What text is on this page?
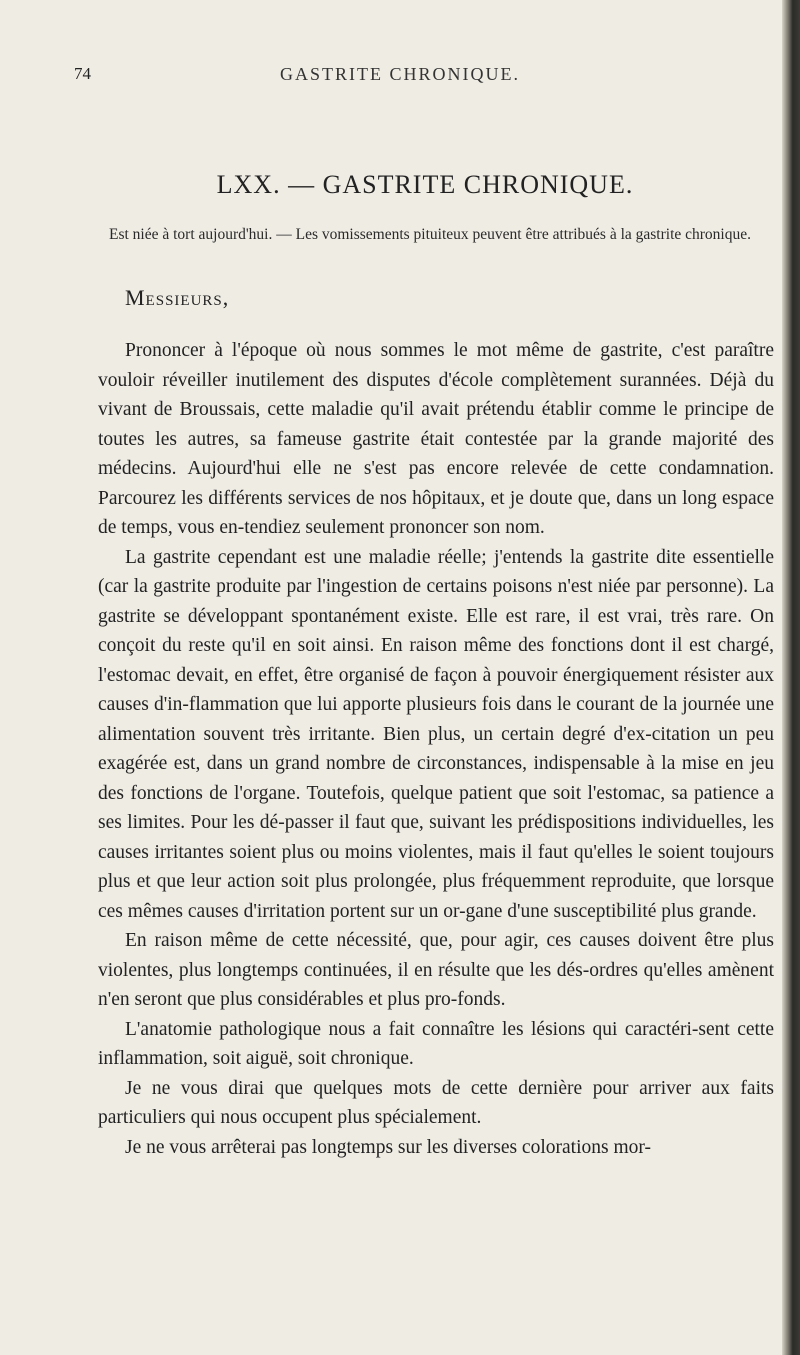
74	GASTRITE CHRONIQUE.
LXX. — GASTRITE CHRONIQUE.
Est niée à tort aujourd'hui. — Les vomissements pituiteux peuvent être attribués à la gastrite chronique.
Messieurs,

Prononcer à l'époque où nous sommes le mot même de gastrite, c'est paraître vouloir réveiller inutilement des disputes d'école complètement surannées. Déjà du vivant de Broussais, cette maladie qu'il avait prétendu établir comme le principe de toutes les autres, sa fameuse gastrite était contestée par la grande majorité des médecins. Aujourd'hui elle ne s'est pas encore relevée de cette condamnation. Parcourez les différents services de nos hôpitaux, et je doute que, dans un long espace de temps, vous en-tendiez seulement prononcer son nom.

La gastrite cependant est une maladie réelle; j'entends la gastrite dite essentielle (car la gastrite produite par l'ingestion de certains poisons n'est niée par personne). La gastrite se développant spontanément existe. Elle est rare, il est vrai, très rare. On conçoit du reste qu'il en soit ainsi. En raison même des fonctions dont il est chargé, l'estomac devait, en effet, être organisé de façon à pouvoir énergiquement résister aux causes d'in-flammation que lui apporte plusieurs fois dans le courant de la journée une alimentation souvent très irritante. Bien plus, un certain degré d'ex-citation un peu exagérée est, dans un grand nombre de circonstances, indispensable à la mise en jeu des fonctions de l'organe. Toutefois, quelque patient que soit l'estomac, sa patience a ses limites. Pour les dé-passer il faut que, suivant les prédispositions individuelles, les causes irritantes soient plus ou moins violentes, mais il faut qu'elles le soient toujours plus et que leur action soit plus prolongée, plus fréquemment reproduite, que lorsque ces mêmes causes d'irritation portent sur un or-gane d'une susceptibilité plus grande.

En raison même de cette nécessité, que, pour agir, ces causes doivent être plus violentes, plus longtemps continuées, il en résulte que les dés-ordres qu'elles amènent n'en seront que plus considérables et plus pro-fonds.

L'anatomie pathologique nous a fait connaître les lésions qui caractéri-sent cette inflammation, soit aiguë, soit chronique.

Je ne vous dirai que quelques mots de cette dernière pour arriver aux faits particuliers qui nous occupent plus spécialement.

Je ne vous arrêterai pas longtemps sur les diverses colorations mor-
